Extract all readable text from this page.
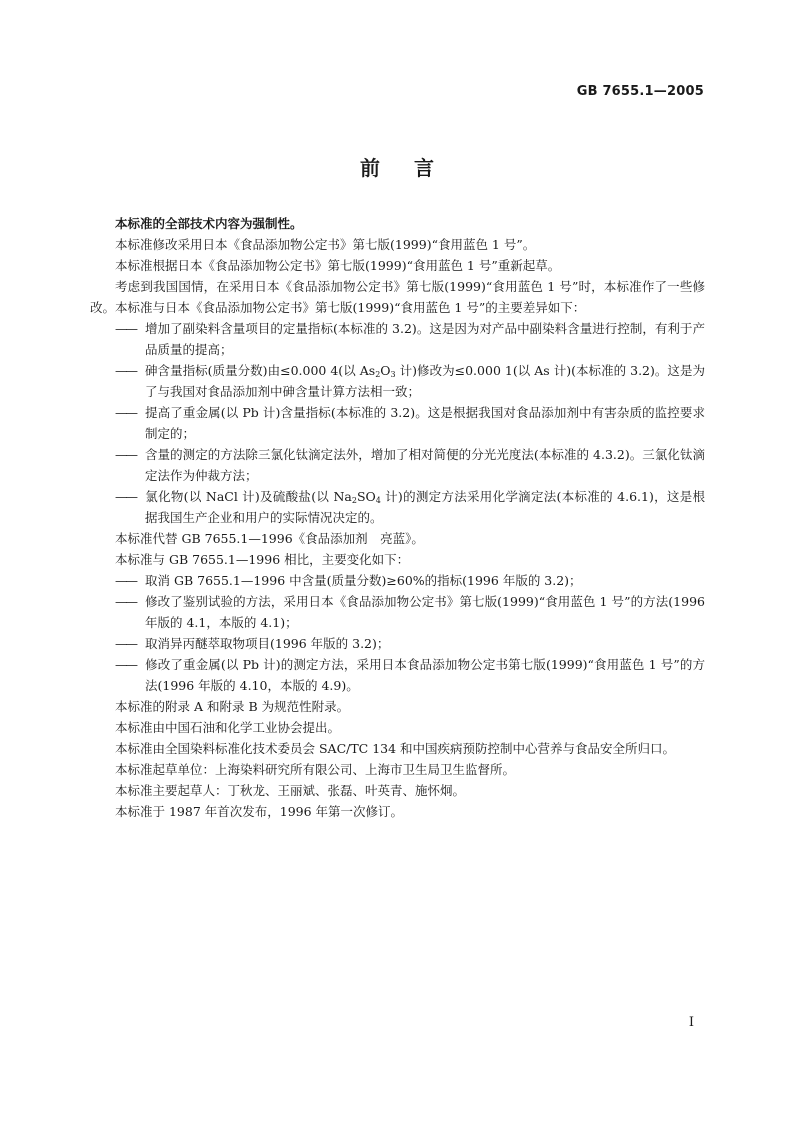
GB 7655.1—2005
前 言

本标准的全部技术内容为强制性。

本标准修改采用日本《食品添加物公定书》第七版(1999)“食用蓝色 1 号”。

本标准根据日本《食品添加物公定书》第七版(1999)“食用蓝色 1 号”重新起草。

考虑到我国国情，在采用日本《食品添加物公定书》第七版(1999)“食用蓝色 1 号”时，本标准作了一些修改。本标准与日本《食品添加物公定书》第七版(1999)“食用蓝色 1 号”的主要差异如下：

—— 增加了副染料含量项目的定量指标(本标准的 3.2)。这是因为对产品中副染料含量进行控制，有利于产品质量的提高；

—— 砷含量指标(质量分数)由≤0.000 4(以 $As_2O_3$ 计)修改为≤0.000 1(以 As 计)(本标准的 3.2)。这是为了与我国对食品添加剂中砷含量计算方法相一致；

—— 提高了重金属(以 Pb 计)含量指标(本标准的 3.2)。这是根据我国对食品添加剂中有害杂质的监控要求制定的；

—— 含量的测定的方法除三氯化钛滴定法外，增加了相对简便的分光光度法(本标准的 4.3.2)。三氯化钛滴定法作为仲裁方法；

—— 氯化物(以 NaCl 计)及硫酸盐(以 $Na_2SO_4$ 计)的测定方法采用化学滴定法(本标准的 4.6.1)，这是根据我国生产企业和用户的实际情况决定的。

本标准代替 GB 7655.1—1996《食品添加剂　亮蓝》。

本标准与 GB 7655.1—1996 相比，主要变化如下：

—— 取消 GB 7655.1—1996 中含量(质量分数)≥60%的指标(1996 年版的 3.2)；

—— 修改了鉴别试验的方法，采用日本《食品添加物公定书》第七版(1999)“食用蓝色 1 号”的方法(1996 年版的 4.1，本版的 4.1)；

—— 取消异丙醚萃取物项目(1996 年版的 3.2)；

—— 修改了重金属(以 Pb 计)的测定方法，采用日本食品添加物公定书第七版(1999)“食用蓝色 1 号”的方法(1996 年版的 4.10，本版的 4.9)。

本标准的附录 A 和附录 B 为规范性附录。

本标准由中国石油和化学工业协会提出。

本标准由全国染料标准化技术委员会 SAC/TC 134 和中国疾病预防控制中心营养与食品安全所归口。

本标准起草单位：上海染料研究所有限公司、上海市卫生局卫生监督所。

本标准主要起草人：丁秋龙、王丽斌、张磊、叶英青、施怀炯。

本标准于 1987 年首次发布，1996 年第一次修订。

I
